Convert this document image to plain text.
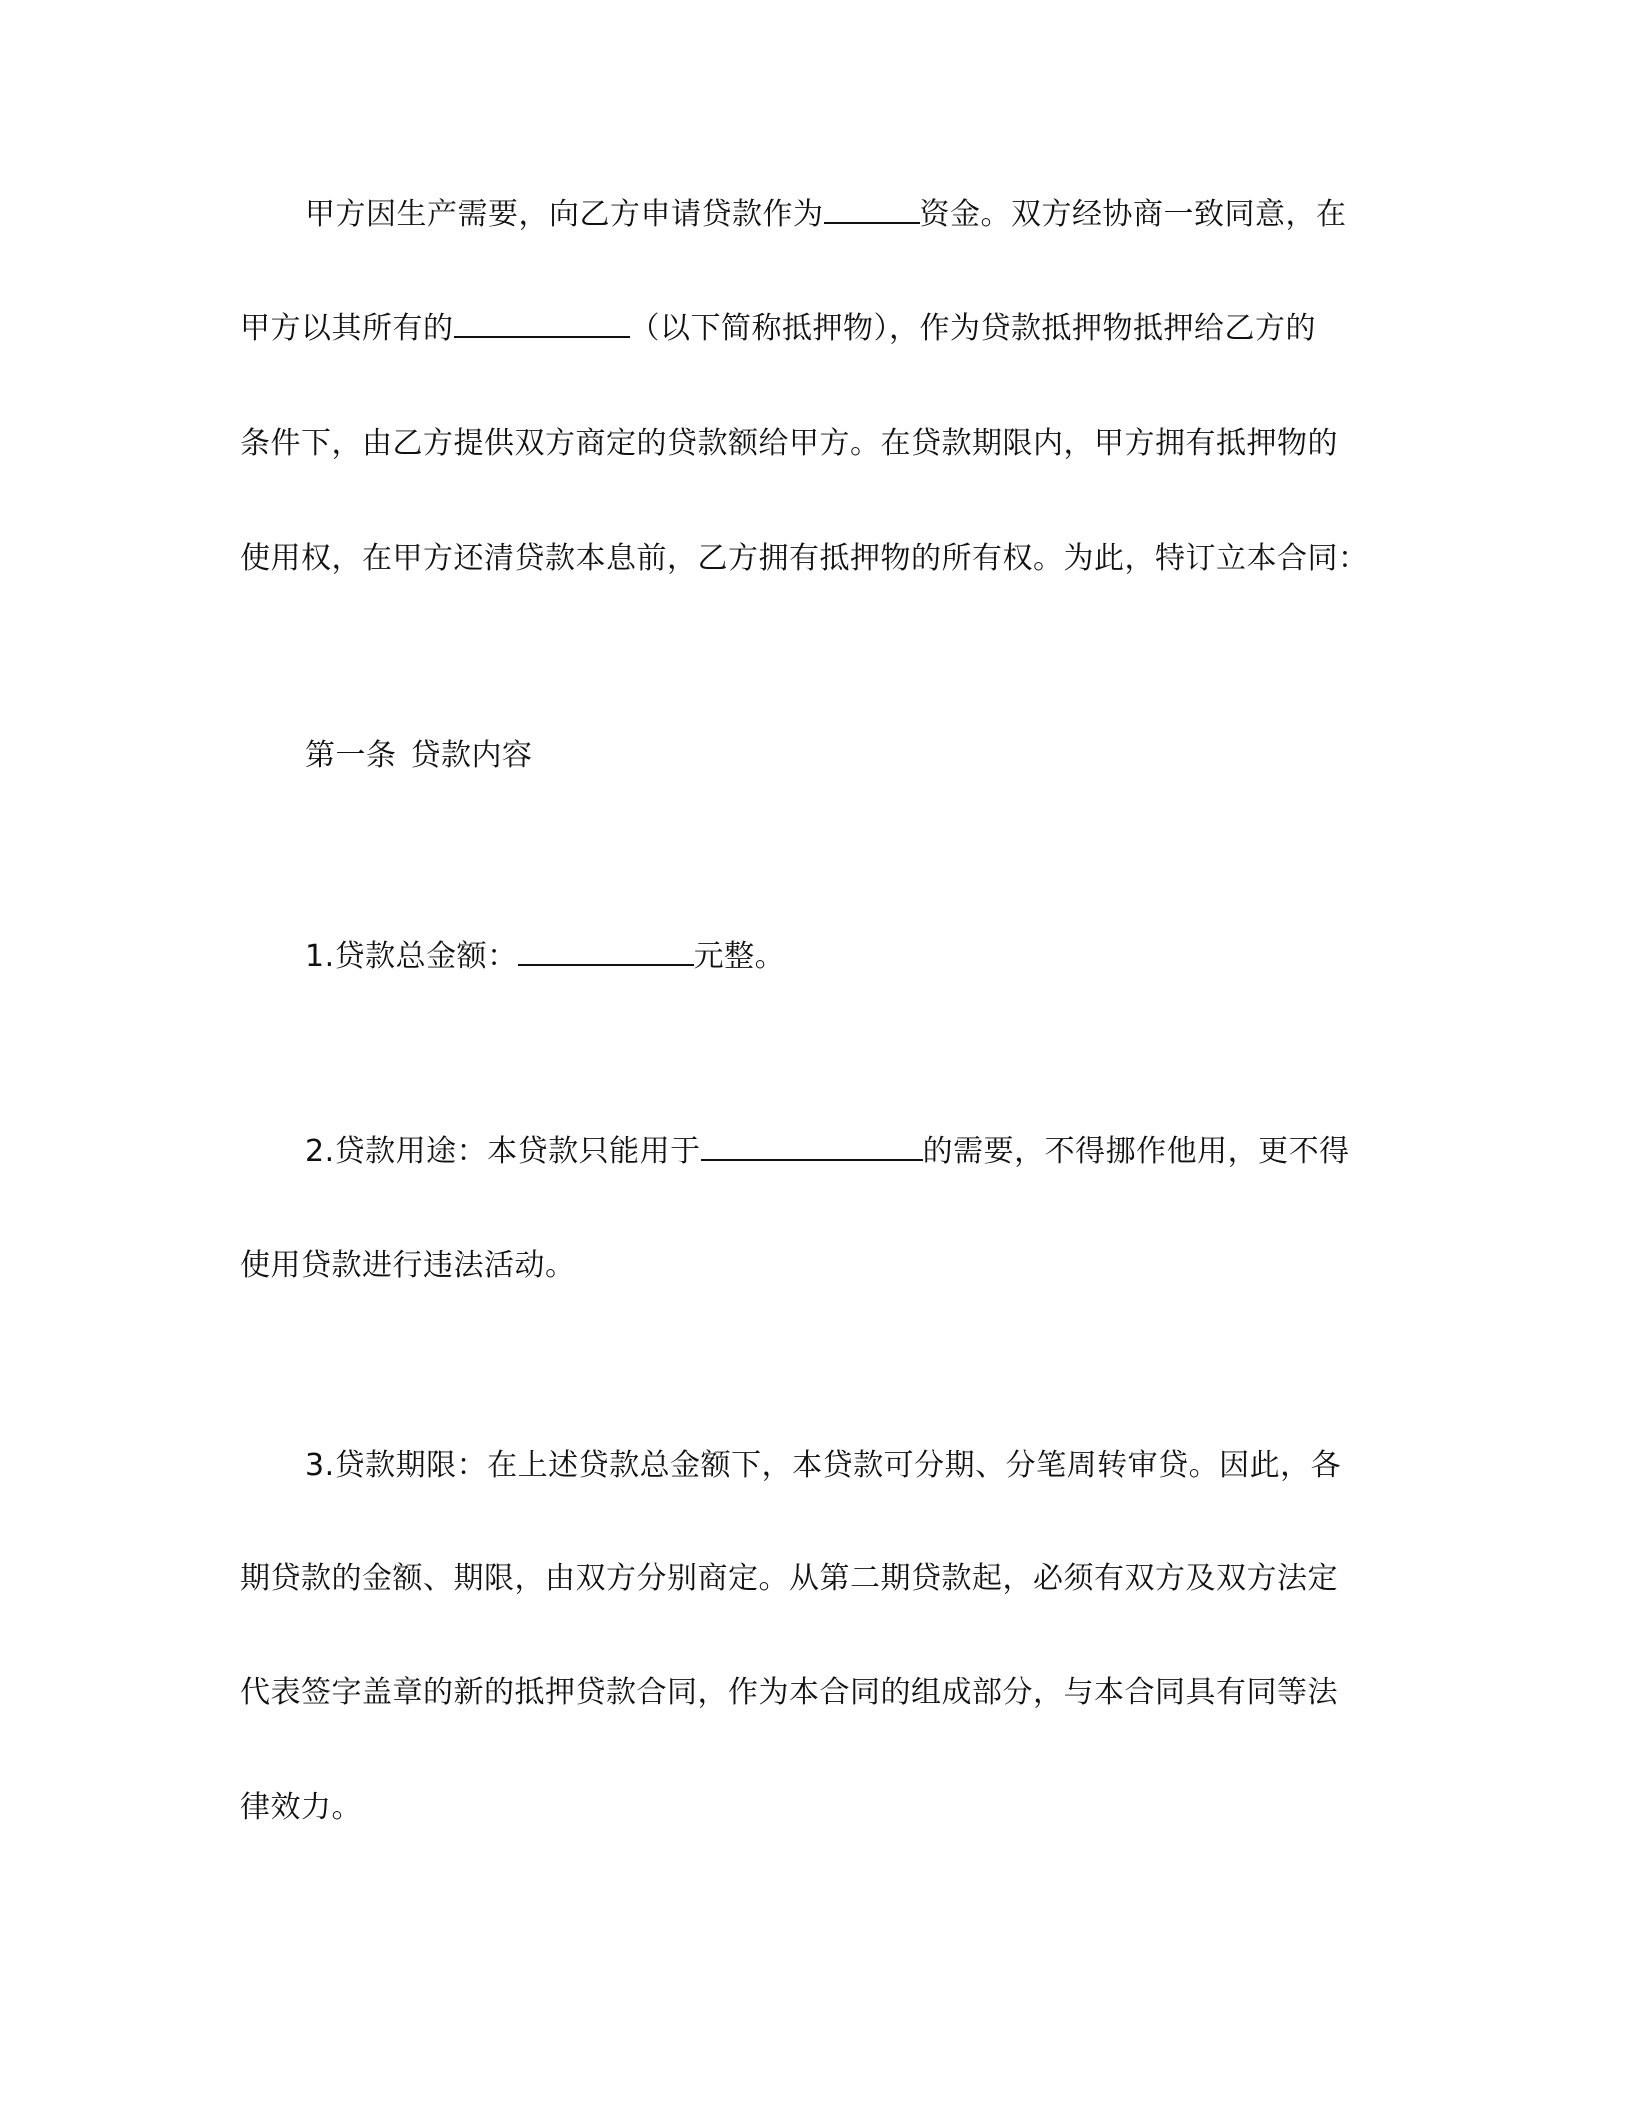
甲方因生产需要，向乙方申请贷款作为	资金。双方经协商一致同意，在
甲方以其所有的	（以下简称抵押物），作为贷款抵押物抵押给乙方的
条件下，由乙方提供双方商定的贷款额给甲方。在贷款期限内，甲方拥有抵押物的
使用权，在甲方还清贷款本息前，乙方拥有抵押物的所有权。为此，特订立本合同：
第一条 贷款内容
1.贷款总金额：	元整。
2.贷款用途：本贷款只能用于	的需要，不得挪作他用，更不得
使用贷款进行违法活动。
3.贷款期限：在上述贷款总金额下，本贷款可分期、分笔周转审贷。因此，各
期贷款的金额、期限，由双方分别商定。从第二期贷款起，必须有双方及双方法定
代表签字盖章的新的抵押贷款合同，作为本合同的组成部分，与本合同具有同等法
律效力。
